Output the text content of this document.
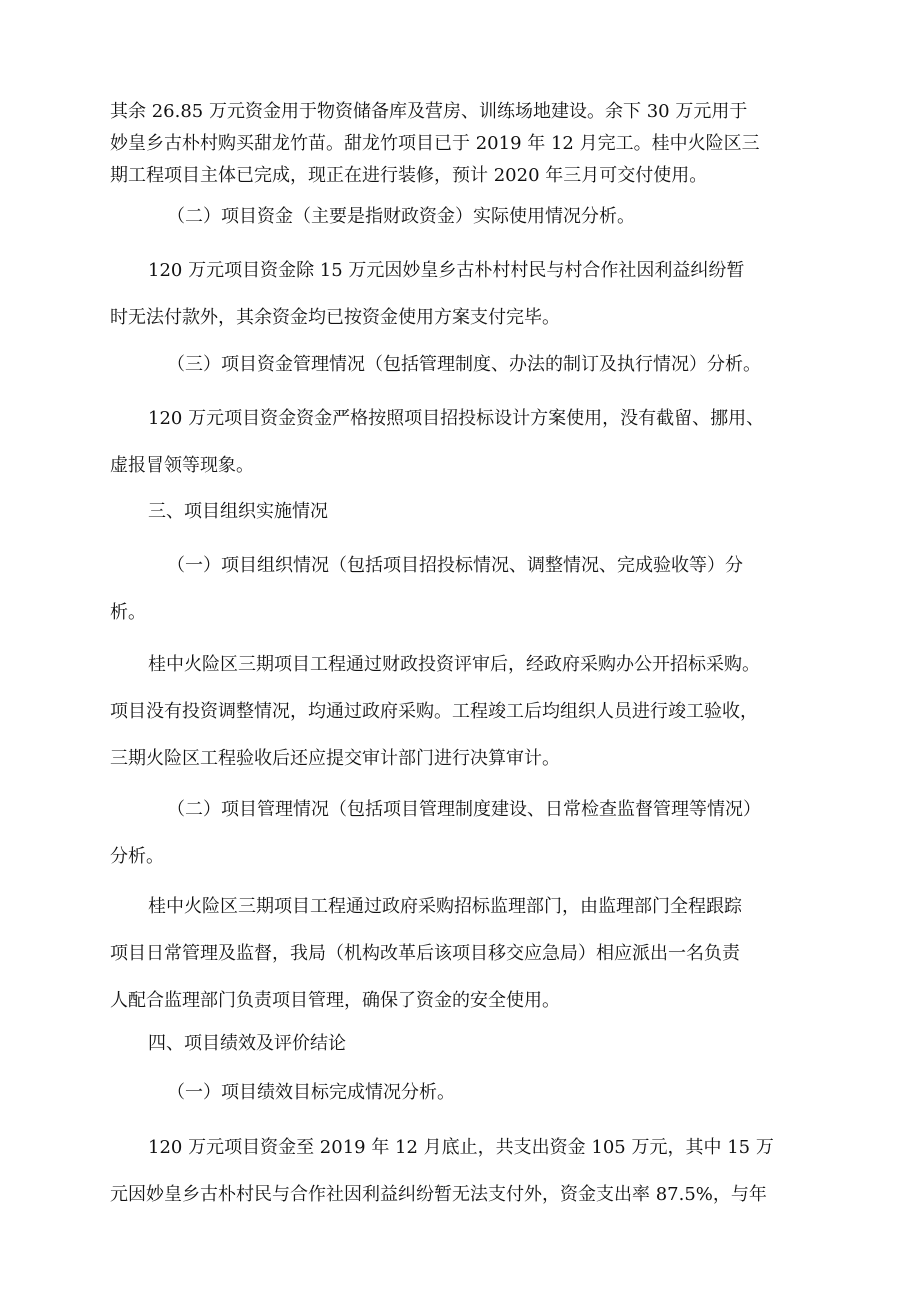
其余 26.85 万元资金用于物资储备库及营房、训练场地建设。余下 30 万元用于
妙皇乡古朴村购买甜龙竹苗。甜龙竹项目已于 2019 年 12 月完工。桂中火险区三
期工程项目主体已完成，现正在进行装修，预计 2020 年三月可交付使用。
（二）项目资金（主要是指财政资金）实际使用情况分析。
120 万元项目资金除 15 万元因妙皇乡古朴村村民与村合作社因利益纠纷暂
时无法付款外，其余资金均已按资金使用方案支付完毕。
（三）项目资金管理情况（包括管理制度、办法的制订及执行情况）分析。
120 万元项目资金资金严格按照项目招投标设计方案使用，没有截留、挪用、
虚报冒领等现象。
三、项目组织实施情况
（一）项目组织情况（包括项目招投标情况、调整情况、完成验收等）分
析。
桂中火险区三期项目工程通过财政投资评审后，经政府采购办公开招标采购。
项目没有投资调整情况，均通过政府采购。工程竣工后均组织人员进行竣工验收，
三期火险区工程验收后还应提交审计部门进行决算审计。
（二）项目管理情况（包括项目管理制度建设、日常检查监督管理等情况）
分析。
桂中火险区三期项目工程通过政府采购招标监理部门，由监理部门全程跟踪
项目日常管理及监督，我局（机构改革后该项目移交应急局）相应派出一名负责
人配合监理部门负责项目管理，确保了资金的安全使用。
四、项目绩效及评价结论
（一）项目绩效目标完成情况分析。
120 万元项目资金至 2019 年 12 月底止，共支出资金 105 万元，其中 15 万
元因妙皇乡古朴村民与合作社因利益纠纷暂无法支付外，资金支出率 87.5%，与年
